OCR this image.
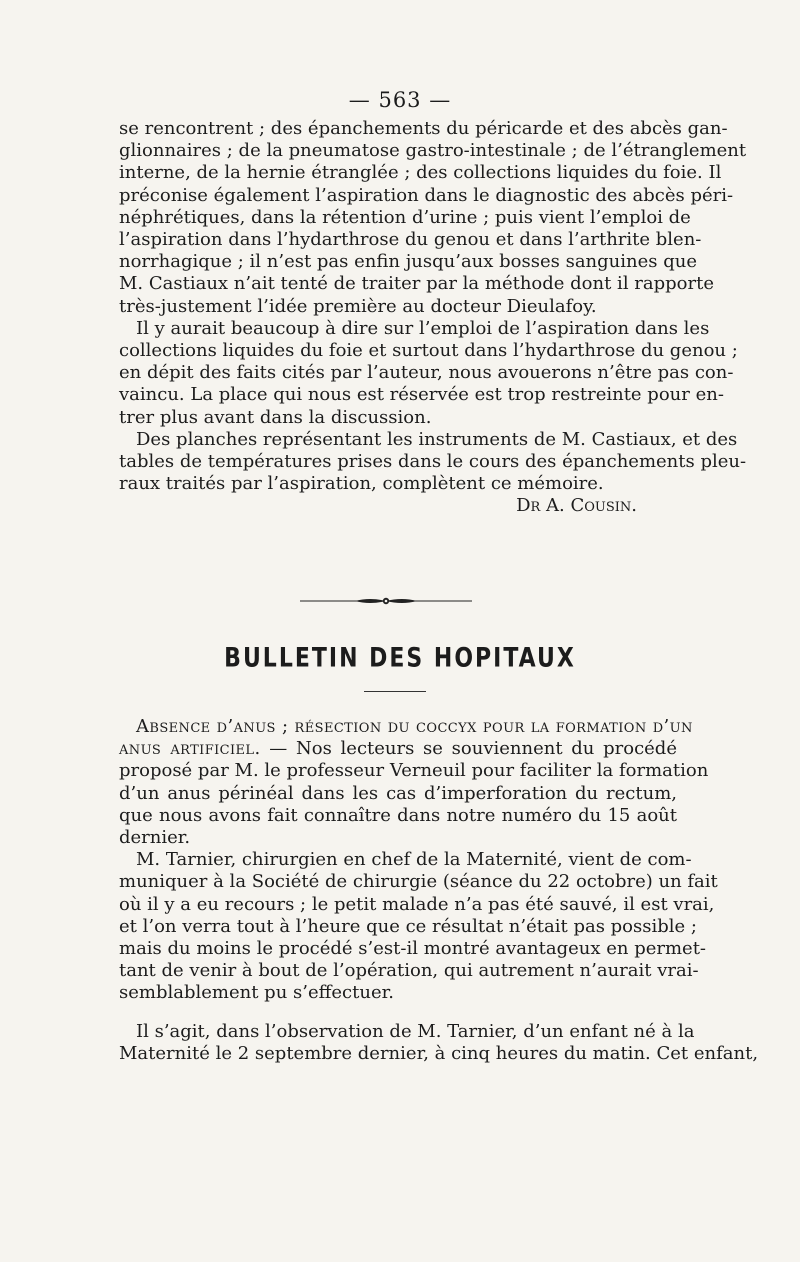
— 563 —
se rencontrent ; des épanchements du péricarde et des abcès gan-
glionnaires ; de la pneumatose gastro-intestinale ; de l’étranglement
interne, de la hernie étranglée ; des collections liquides du foie. Il
préconise également l’aspiration dans le diagnostic des abcès péri-
néphrétiques, dans la rétention d’urine ; puis vient l’emploi de
l’aspiration dans l’hydarthrose du genou et dans l’arthrite blen-
norrhagique ; il n’est pas enfin jusqu’aux bosses sanguines que
M. Castiaux n’ait tenté de traiter par la méthode dont il rapporte
très-justement l’idée première au docteur Dieulafoy.
Il y aurait beaucoup à dire sur l’emploi de l’aspiration dans les
collections liquides du foie et surtout dans l’hydarthrose du genou ;
en dépit des faits cités par l’auteur, nous avouerons n’être pas con-
vaincu. La place qui nous est réservée est trop restreinte pour en-
trer plus avant dans la discussion.
Des planches représentant les instruments de M. Castiaux, et des
tables de températures prises dans le cours des épanchements pleu-
raux traités par l’aspiration, complètent ce mémoire.
Dr A. Cousin.
BULLETIN DES HOPITAUX
Absence d’anus ; résection du coccyx pour la formation d’un
anus artificiel. — Nos lecteurs se souviennent du procédé
proposé par M. le professeur Verneuil pour faciliter la formation
d’un anus périnéal dans les cas d’imperforation du rectum,
que nous avons fait connaître dans notre numéro du 15 août
dernier.
M. Tarnier, chirurgien en chef de la Maternité, vient de com-
muniquer à la Société de chirurgie (séance du 22 octobre) un fait
où il y a eu recours ; le petit malade n’a pas été sauvé, il est vrai,
et l’on verra tout à l’heure que ce résultat n’était pas possible ;
mais du moins le procédé s’est-il montré avantageux en permet-
tant de venir à bout de l’opération, qui autrement n’aurait vrai-
semblablement pu s’effectuer.
Il s’agit, dans l’observation de M. Tarnier, d’un enfant né à la
Maternité le 2 septembre dernier, à cinq heures du matin. Cet enfant,
